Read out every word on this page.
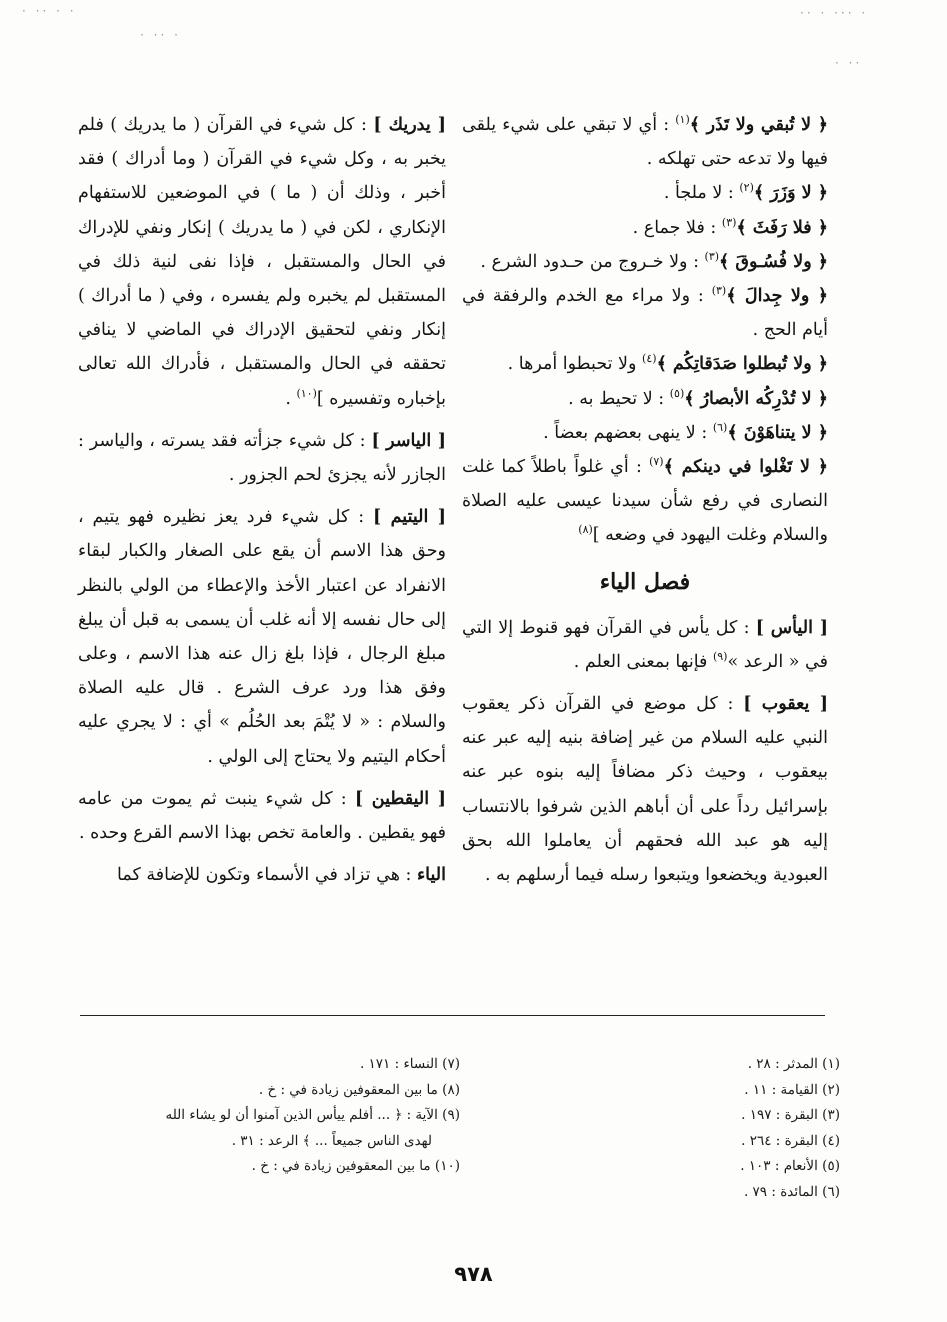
· ·· · ·
· ·· ·
·· · ··· ·
· ··

﴿ لا تُبقي ولا تَذَر ﴾$^{(١)}$ : أي لا تبقي على شيء يلقى فيها ولا تدعه حتى تهلكه .

﴿ لا وَزَرَ ﴾$^{(٢)}$ : لا ملجأ .

﴿ فلا رَفَثَ ﴾$^{(٣)}$ : فلا جماع .

﴿ ولا فُسُـوقَ ﴾$^{(٣)}$ : ولا خـروج من حـدود الشرع .

﴿ ولا جِدالَ ﴾$^{(٣)}$ : ولا مراء مع الخدم والرفقة في أيام الحج .

﴿ ولا تُبطلوا صَدَقاتِكُم ﴾$^{(٤)}$ ولا تحبطوا أمرها .

﴿ لا تُدْرِكُه الأبصارُ ﴾$^{(٥)}$ : لا تحيط به .

﴿ لا يتناهَوْنَ ﴾$^{(٦)}$ : لا ينهى بعضهم بعضاً .

﴿ لا تَغْلوا في دينكم ﴾$^{(٧)}$ : أي غلواً باطلاً كما غلت النصارى في رفع شأن سيدنا عيسى عليه الصلاة والسلام وغلت اليهود في وضعه ]$^{(٨)}$

فصل الياء

[ اليأس ] : كل يأس في القرآن فهو قنوط إلا التي في « الرعد »$^{(٩)}$ فإنها بمعنى العلم .

[ يعقوب ] : كل موضع في القرآن ذكر يعقوب النبي عليه السلام من غير إضافة بنيه إليه عبر عنه بيعقوب ، وحيث ذكر مضافاً إليه بنوه عبر عنه بإسرائيل رداً على أن أباهم الذين شرفوا بالانتساب إليه هو عبد الله فحقهم أن يعاملوا الله بحق العبودية ويخضعوا ويتبعوا رسله فيما أرسلهم به .

[ يدريك ] : كل شيء في القرآن ( ما يدريك ) فلم يخبر به ، وكل شيء في القرآن ( وما أدراك ) فقد أخبر ، وذلك أن ( ما ) في الموضعين للاستفهام الإنكاري ، لكن في ( ما يدريك ) إنكار ونفي للإدراك في الحال والمستقبل ، فإذا نفى لنية ذلك في المستقبل لم يخبره ولم يفسره ، وفي ( ما أدراك ) إنكار ونفي لتحقيق الإدراك في الماضي لا ينافي تحققه في الحال والمستقبل ، فأدراك الله تعالى بإخباره وتفسيره ]$^{(١٠)}$ .

[ الياسر ] : كل شيء جزأته فقد يسرته ، والياسر : الجازر لأنه يجزئ لحم الجزور .

[ اليتيم ] : كل شيء فرد يعز نظيره فهو يتيم ، وحق هذا الاسم أن يقع على الصغار والكبار لبقاء الانفراد عن اعتبار الأخذ والإعطاء من الولي بالنظر إلى حال نفسه إلا أنه غلب أن يسمى به قبل أن يبلغ مبلغ الرجال ، فإذا بلغ زال عنه هذا الاسم ، وعلى وفق هذا ورد عرف الشرع . قال عليه الصلاة والسلام : « لا يُتْمَ بعد الحُلُم » أي : لا يجري عليه أحكام اليتيم ولا يحتاج إلى الولي .

[ اليقطين ] : كل شيء ينبت ثم يموت من عامه فهو يقطين . والعامة تخص بهذا الاسم القرع وحده .

الياء : هي تزاد في الأسماء وتكون للإضافة كما

(١) المدثر : ٢٨ .
(٢) القيامة : ١١ .
(٣) البقرة : ١٩٧ .
(٤) البقرة : ٢٦٤ .
(٥) الأنعام : ١٠٣ .
(٦) المائدة : ٧٩ .
(٧) النساء : ١٧١ .
(٨) ما بين المعقوفين زيادة في : خ .
(٩) الآية : ﴿ ... أفلم ييأس الذين آمنوا أن لو يشاء الله
لهدى الناس جميعاً ... ﴾ الرعد : ٣١ .
(١٠) ما بين المعقوفين زيادة في : خ .
٩٧٨
